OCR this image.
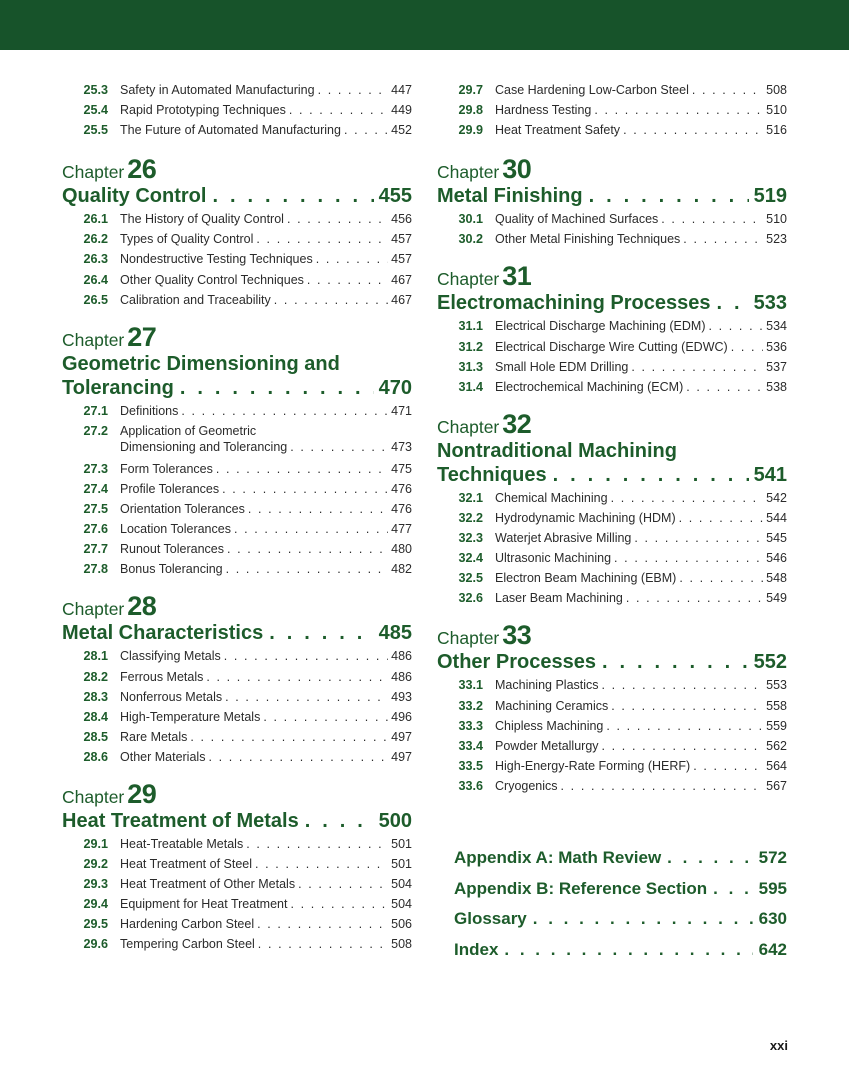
25.3 Safety in Automated Manufacturing . . .	447
25.4 Rapid Prototyping Techniques . . .	449
25.5 The Future of Automated Manufacturing . . .	452
Chapter 26
Quality Control . . .	455
26.1 The History of Quality Control . . .	456
26.2 Types of Quality Control . . .	457
26.3 Nondestructive Testing Techniques . . .	457
26.4 Other Quality Control Techniques . . .	467
26.5 Calibration and Traceability . . .	467
Chapter 27
Geometric Dimensioning and
Tolerancing . . .	470
27.1 Definitions . . .	471
27.2 Application of Geometric
Dimensioning and Tolerancing . . .	473
27.3 Form Tolerances . . .	475
27.4 Profile Tolerances . . .	476
27.5 Orientation Tolerances . . .	476
27.6 Location Tolerances . . .	477
27.7 Runout Tolerances . . .	480
27.8 Bonus Tolerancing . . .	482
Chapter 28
Metal Characteristics . . .	485
28.1 Classifying Metals . . .	486
28.2 Ferrous Metals . . .	486
28.3 Nonferrous Metals . . .	493
28.4 High-Temperature Metals . . .	496
28.5 Rare Metals . . .	497
28.6 Other Materials . . .	497
Chapter 29
Heat Treatment of Metals . . .	500
29.1 Heat-Treatable Metals . . .	501
29.2 Heat Treatment of Steel . . .	501
29.3 Heat Treatment of Other Metals . . .	504
29.4 Equipment for Heat Treatment . . .	504
29.5 Hardening Carbon Steel . . .	506
29.6 Tempering Carbon Steel . . .	508
29.7 Case Hardening Low-Carbon Steel . . .	508
29.8 Hardness Testing . . .	510
29.9 Heat Treatment Safety . . .	516
Chapter 30
Metal Finishing . . .	519
30.1 Quality of Machined Surfaces . . .	510
30.2 Other Metal Finishing Techniques . . .	523
Chapter 31
Electromachining Processes . . . 533
31.1 Electrical Discharge Machining (EDM) . . .	534
31.2 Electrical Discharge Wire Cutting (EDWC) . . .	536
31.3 Small Hole EDM Drilling . . .	537
31.4 Electrochemical Machining (ECM) . . .	538
Chapter 32
Nontraditional Machining
Techniques . . .	541
32.1 Chemical Machining . . .	542
32.2 Hydrodynamic Machining (HDM) . . .	544
32.3 Waterjet Abrasive Milling . . .	545
32.4 Ultrasonic Machining . . .	546
32.5 Electron Beam Machining (EBM) . . .	548
32.6 Laser Beam Machining . . .	549
Chapter 33
Other Processes . . .	552
33.1 Machining Plastics . . .	553
33.2 Machining Ceramics . . .	558
33.3 Chipless Machining . . .	559
33.4 Powder Metallurgy . . .	562
33.5 High-Energy-Rate Forming (HERF) . . .	564
33.6 Cryogenics . . .	567
Appendix A: Math Review . . .	572
Appendix B: Reference Section . . .	595
Glossary . . .	630
Index . . .	642
xxi
